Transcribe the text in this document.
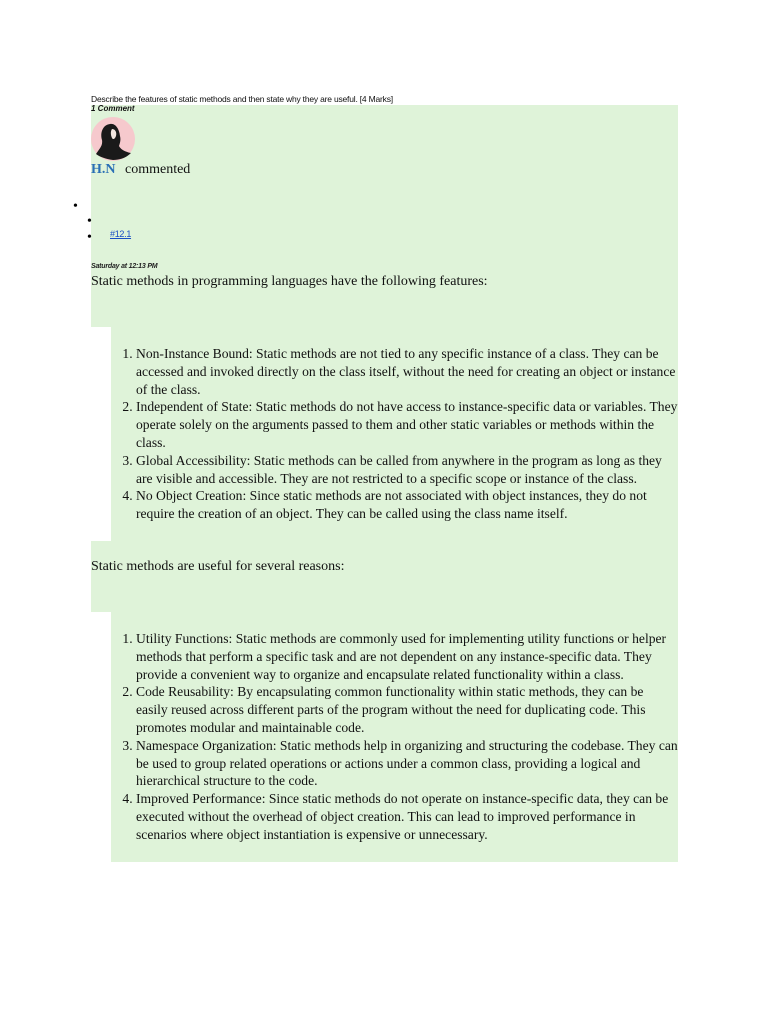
Describe the features of static methods and then state why they are useful. [4 Marks]
1 Comment
H.N commented
•
•
• #12.1
Saturday at 12:13 PM
Static methods in programming languages have the following features:
1. Non-Instance Bound: Static methods are not tied to any specific instance of a class. They can be accessed and invoked directly on the class itself, without the need for creating an object or instance of the class.
2. Independent of State: Static methods do not have access to instance-specific data or variables. They operate solely on the arguments passed to them and other static variables or methods within the class.
3. Global Accessibility: Static methods can be called from anywhere in the program as long as they are visible and accessible. They are not restricted to a specific scope or instance of the class.
4. No Object Creation: Since static methods are not associated with object instances, they do not require the creation of an object. They can be called using the class name itself.
Static methods are useful for several reasons:
1. Utility Functions: Static methods are commonly used for implementing utility functions or helper methods that perform a specific task and are not dependent on any instance-specific data. They provide a convenient way to organize and encapsulate related functionality within a class.
2. Code Reusability: By encapsulating common functionality within static methods, they can be easily reused across different parts of the program without the need for duplicating code. This promotes modular and maintainable code.
3. Namespace Organization: Static methods help in organizing and structuring the codebase. They can be used to group related operations or actions under a common class, providing a logical and hierarchical structure to the code.
4. Improved Performance: Since static methods do not operate on instance-specific data, they can be executed without the overhead of object creation. This can lead to improved performance in scenarios where object instantiation is expensive or unnecessary.
